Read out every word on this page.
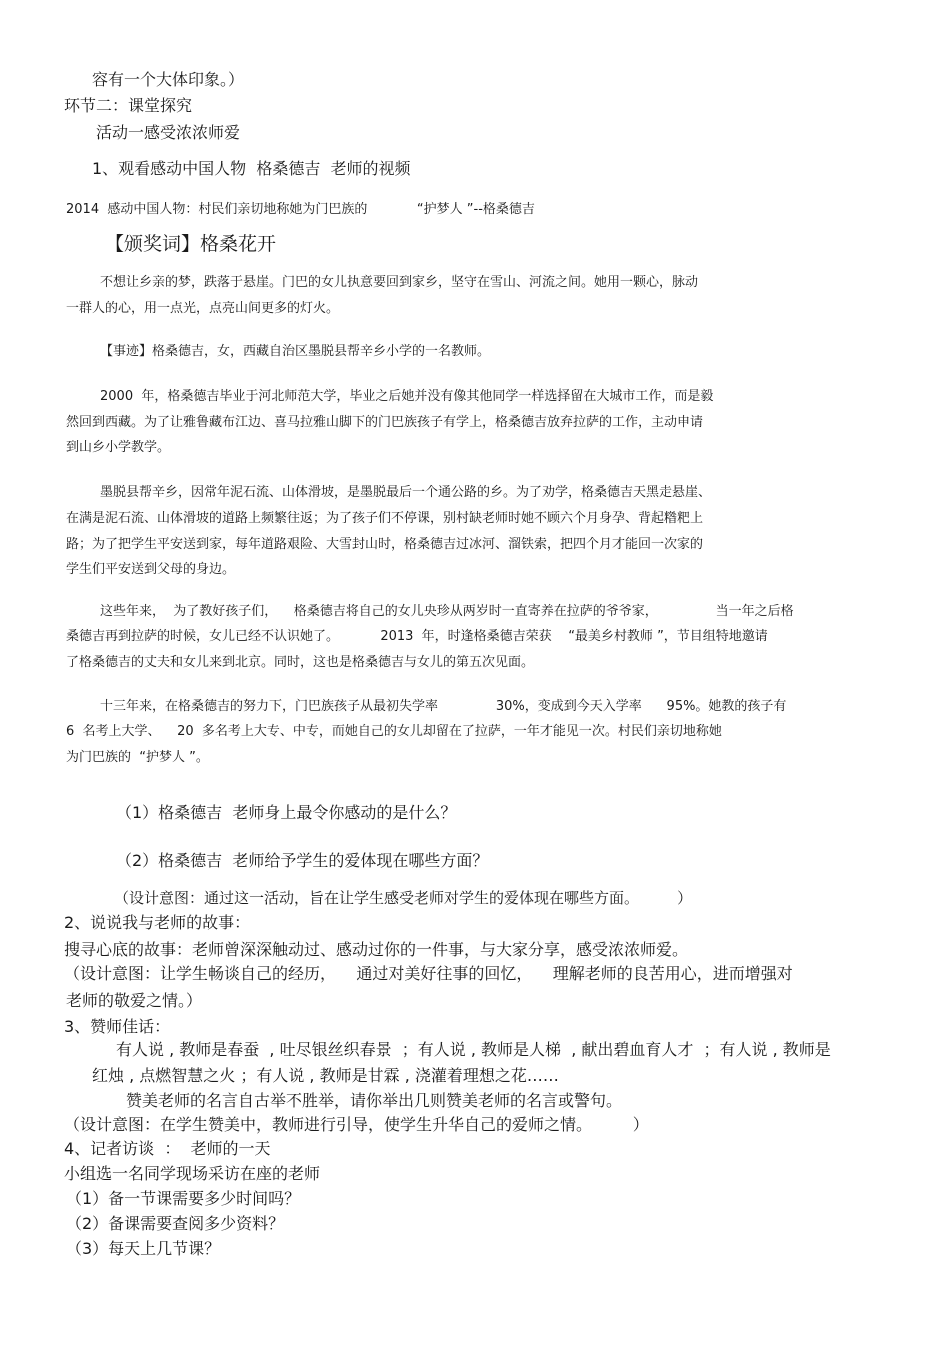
容有一个大体印象。）
环节二：课堂探究
活动一感受浓浓师爱
1、观看感动中国人物  格桑德吉  老师的视频
2014  感动中国人物：村民们亲切地称她为门巴族的            “护梦人 ”--格桑德吉
【颁奖词】格桑花开
不想让乡亲的梦，跌落于悬崖。门巴的女儿执意要回到家乡，坚守在雪山、河流之间。她用一颗心，脉动
一群人的心，用一点光，点亮山间更多的灯火。
【事迹】格桑德吉，女，西藏自治区墨脱县帮辛乡小学的一名教师。
2000  年，格桑德吉毕业于河北师范大学，毕业之后她并没有像其他同学一样选择留在大城市工作，而是毅
然回到西藏。为了让雅鲁藏布江边、喜马拉雅山脚下的门巴族孩子有学上，格桑德吉放弃拉萨的工作，主动申请
到山乡小学教学。
墨脱县帮辛乡，因常年泥石流、山体滑坡，是墨脱最后一个通公路的乡。为了劝学，格桑德吉天黑走悬崖、
在满是泥石流、山体滑坡的道路上频繁往返；为了孩子们不停课，别村缺老师时她不顾六个月身孕、背起糌粑上
路；为了把学生平安送到家，每年道路艰险、大雪封山时，格桑德吉过冰河、溜铁索，把四个月才能回一次家的
学生们平安送到父母的身边。
这些年来，  为了教好孩子们，    格桑德吉将自己的女儿央珍从两岁时一直寄养在拉萨的爷爷家，              当一年之后格
桑德吉再到拉萨的时候，女儿已经不认识她了。          2013  年，时逢格桑德吉荣获    “最美乡村教师 ”，节目组特地邀请
了格桑德吉的丈夫和女儿来到北京。同时，这也是格桑德吉与女儿的第五次见面。
十三年来，在格桑德吉的努力下，门巴族孩子从最初失学率              30%，变成到今天入学率      95%。她教的孩子有
6  名考上大学、    20  多名考上大专、中专，而她自己的女儿却留在了拉萨，一年才能见一次。村民们亲切地称她
为门巴族的  “护梦人 ”。
（1）格桑德吉  老师身上最令你感动的是什么？
（2）格桑德吉  老师给予学生的爱体现在哪些方面？
（设计意图：通过这一活动，旨在让学生感受老师对学生的爱体现在哪些方面。        ）
2、说说我与老师的故事：
搜寻心底的故事：老师曾深深触动过、感动过你的一件事，与大家分享，感受浓浓师爱。
（设计意图：让学生畅谈自己的经历，    通过对美好往事的回忆，    理解老师的良苦用心，进而增强对
老师的敬爱之情。）
3、赞师佳话：
有人说 , 教师是春蚕  , 吐尽银丝织春景  ；有人说 , 教师是人梯  , 献出碧血育人才  ；有人说 , 教师是
红烛 , 点燃智慧之火 ；有人说 , 教师是甘霖 , 浇灌着理想之花……
赞美老师的名言自古举不胜举，请你举出几则赞美老师的名言或警句。
（设计意图：在学生赞美中，教师进行引导，使学生升华自己的爱师之情。        ）
4、记者访谈  ：  老师的一天
小组选一名同学现场采访在座的老师
（1）备一节课需要多少时间吗？
（2）备课需要查阅多少资料？
（3）每天上几节课？
